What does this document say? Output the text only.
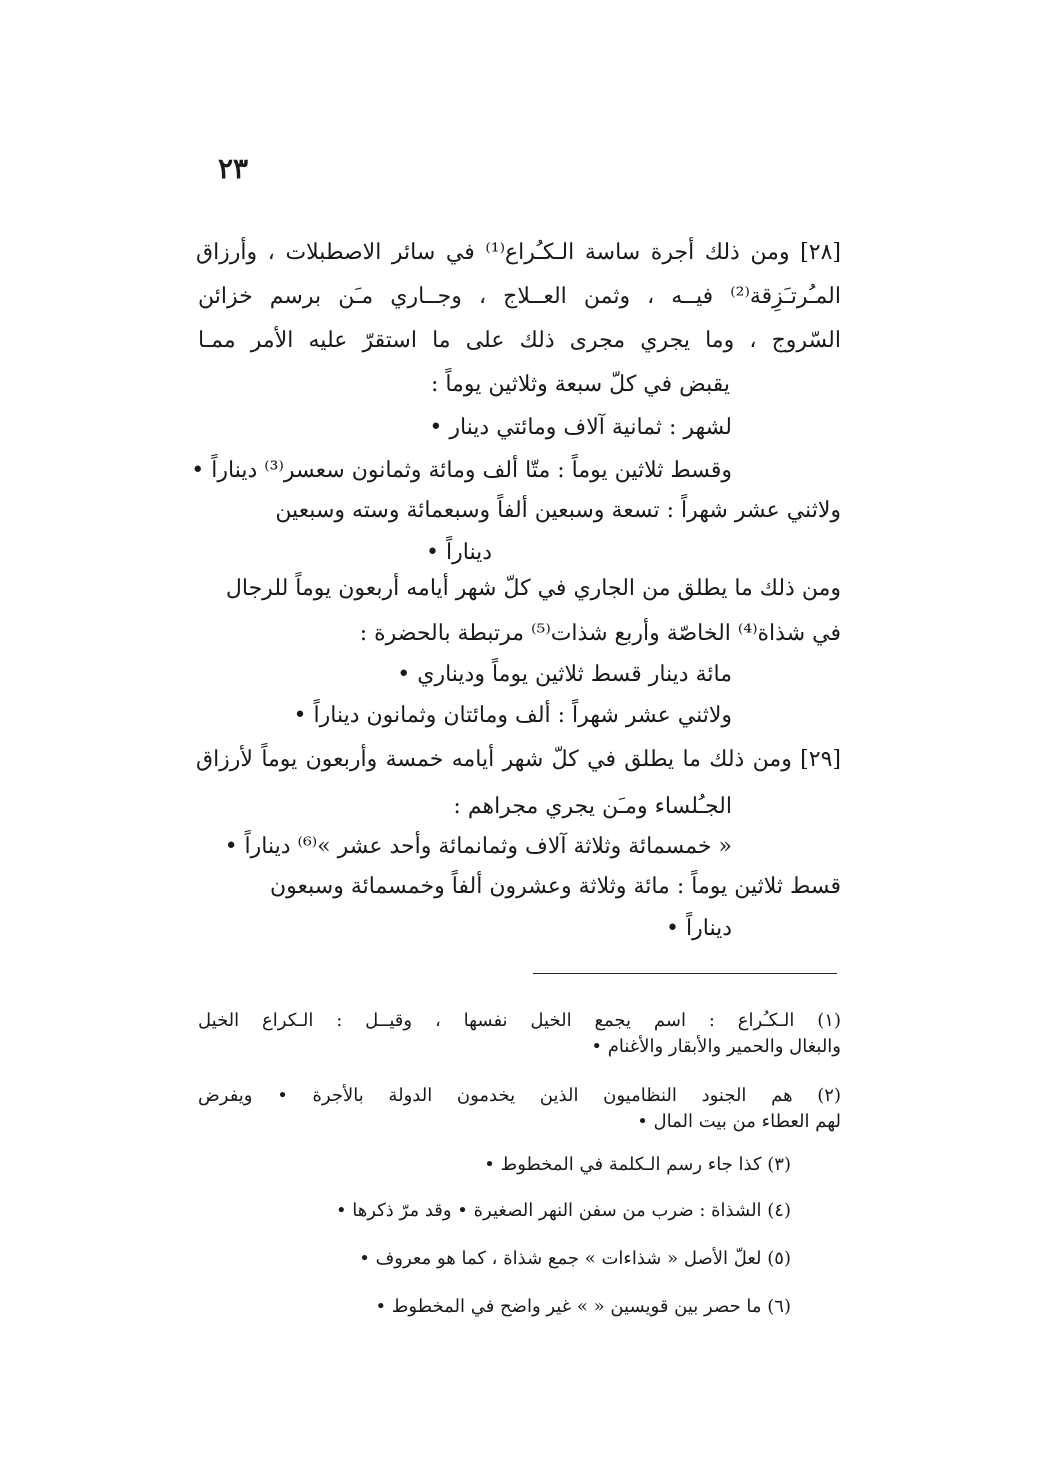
٢٣
[٢٨] ومن ذلك أجرة ساسة الـكـُراع⁽¹⁾ في سائر الاصطبلات ، وأرزاق
المـُرتـَزِقة⁽²⁾ فيــه ، وثمن العــلاج ، وجــاري مـَن برسم خزائن
السّروج ، وما يجري مجرى ذلك على ما استقرّ عليه الأمر ممـا
يقبض في كلّ سبعة وثلاثين يوماً :
لشهر : ثمانية آلاف ومائتي دينار •
وقسط ثلاثين يوماً : متّا ألف ومائة وثمانون سعسر⁽³⁾ ديناراً •
ولاثني عشر شهراً : تسعة وسبعين ألفاً وسبعمائة وسته وسبعين
ديناراً •
ومن ذلك ما يطلق من الجاري في كلّ شهر أيامه أربعون يوماً للرجال
في شذاة⁽⁴⁾ الخاصّة وأربع شذات⁽⁵⁾ مرتبطة بالحضرة :
مائة دينار قسط ثلاثين يوماً وديناري •
ولاثني عشر شهراً : ألف ومائتان وثمانون ديناراً •
[٢٩] ومن ذلك ما يطلق في كلّ شهر أيامه خمسة وأربعون يوماً لأرزاق
الجـُلساء ومـَن يجري مجراهم :
« خمسمائة وثلاثة آلاف وثمانمائة وأحد عشر »⁽⁶⁾ ديناراً •
قسط ثلاثين يوماً : مائة وثلاثة وعشرون ألفاً وخمسمائة وسبعون
ديناراً •
(١) الـكـُراع : اسم يجمع الخيل نفسها ، وقيــل : الـكراع الخيل
والبغال والحمير والأبقار والأغنام •
(٢) هم الجنود النظاميون الذين يخدمون الدولة بالأجرة • ويفرض
لهم العطاء من بيت المال •
(٣) كذا جاء رسم الـكلمة في المخطوط •
(٤) الشذاة : ضرب من سفن النهر الصغيرة • وقد مرّ ذكرها •
(٥) لعلّ الأصل « شذاءات » جمع شذاة ، كما هو معروف •
(٦) ما حصر بين قويسين « » غير واضح في المخطوط •
